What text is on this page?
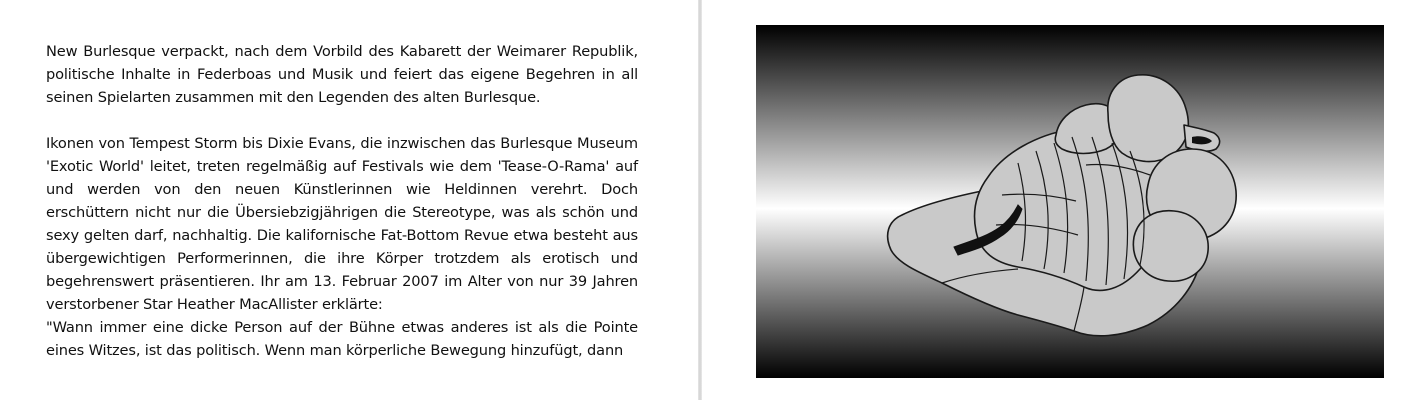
New Burlesque verpackt, nach dem Vorbild des Kabarett der Weimarer Republik, politische Inhalte in Federboas und Musik und feiert das eigene Begehren in all seinen Spielarten zusammen mit den Legenden des alten Burlesque.

Ikonen von Tempest Storm bis Dixie Evans, die inzwischen das Burlesque Museum 'Exotic World' leitet, treten regelmäßig auf Festivals wie dem 'Tease-O-Rama' auf und werden von den neuen Künstlerinnen wie Heldinnen verehrt. Doch erschüttern nicht nur die Übersiebzigjährigen die Stereotype, was als schön und sexy gelten darf, nachhaltig. Die kalifornische Fat-Bottom Revue etwa besteht aus übergewichtigen Performerinnen, die ihre Körper trotzdem als erotisch und begehrenswert präsentieren. Ihr am 13. Februar 2007 im Alter von nur 39 Jahren verstorbener Star Heather MacAllister erklärte:

"Wann immer eine dicke Person auf der Bühne etwas anderes ist als die Pointe eines Witzes, ist das politisch. Wenn man körperliche Bewegung hinzufügt, dann
